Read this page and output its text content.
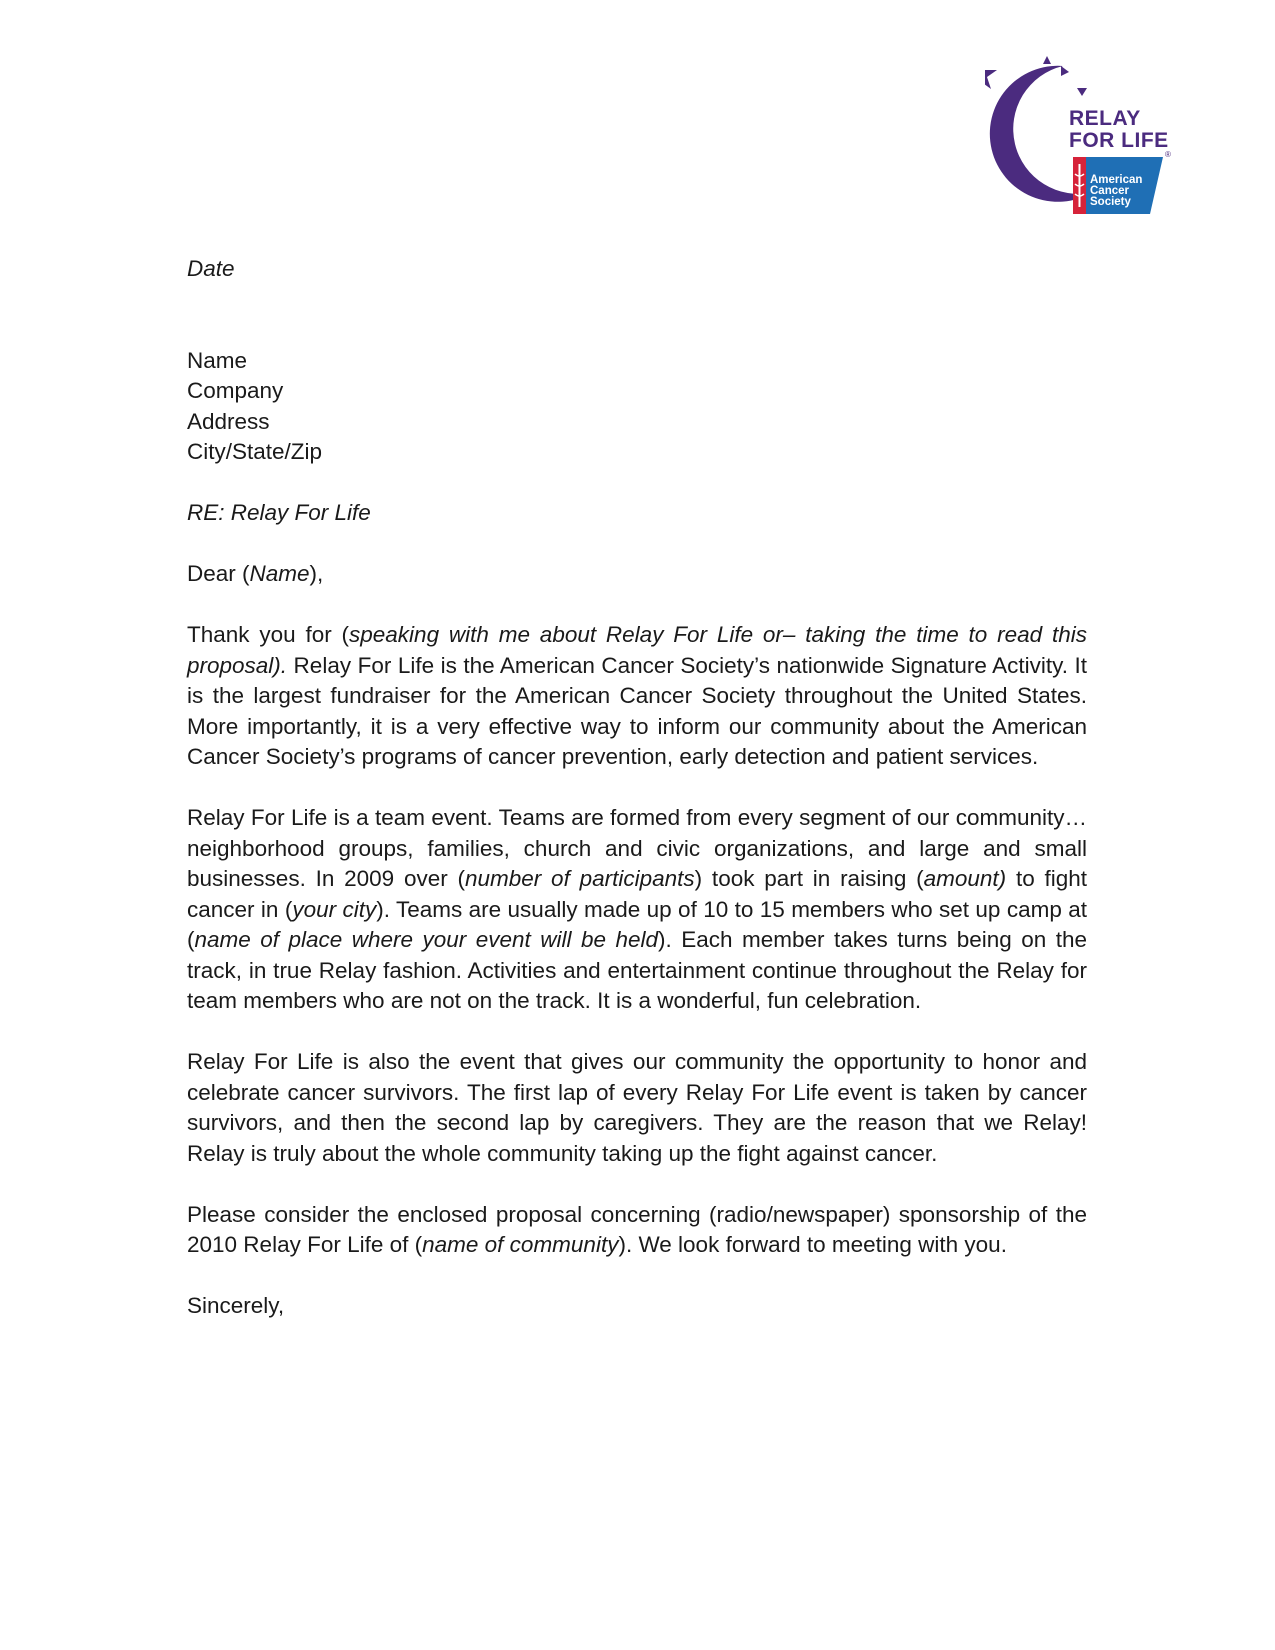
RELAY
FOR LIFE
®
American
Cancer
Society

Date

Name

Company

Address

City/State/Zip

RE: Relay For Life

Dear (Name),

Thank you for (speaking with me about Relay For Life or– taking the time to read this proposal). Relay For Life is the American Cancer Society’s nationwide Signature Activity. It is the largest fundraiser for the American Cancer Society throughout the United States. More importantly, it is a very effective way to inform our community about the American Cancer Society’s programs of cancer prevention, early detection and patient services.

Relay For Life is a team event. Teams are formed from every segment of our community… neighborhood groups, families, church and civic organizations, and large and small businesses. In 2009 over (number of participants) took part in raising (amount) to fight cancer in (your city). Teams are usually made up of 10 to 15 members who set up camp at (name of place where your event will be held). Each member takes turns being on the track, in true Relay fashion. Activities and entertainment continue throughout the Relay for team members who are not on the track. It is a wonderful, fun celebration.

Relay For Life is also the event that gives our community the opportunity to honor and celebrate cancer survivors. The first lap of every Relay For Life event is taken by cancer survivors, and then the second lap by caregivers. They are the reason that we Relay! Relay is truly about the whole community taking up the fight against cancer.

Please consider the enclosed proposal concerning (radio/newspaper) sponsorship of the 2010 Relay For Life of (name of community). We look forward to meeting with you.

Sincerely,
